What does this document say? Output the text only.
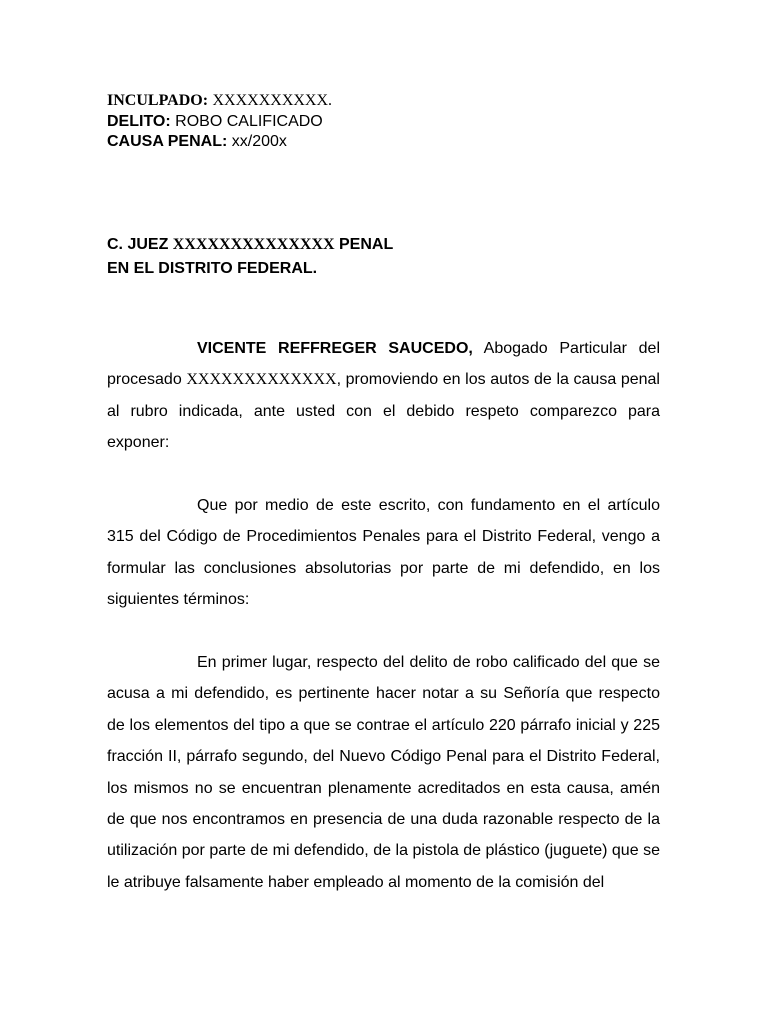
INCULPADO: XXXXXXXXXX.
DELITO: ROBO CALIFICADO
CAUSA PENAL: xx/200x
C. JUEZ XXXXXXXXXXXXXX PENAL
EN EL DISTRITO FEDERAL.

VICENTE REFFREGER SAUCEDO, Abogado Particular del procesado XXXXXXXXXXXXX, promoviendo en los autos de la causa penal al rubro indicada, ante usted con el debido respeto comparezco para exponer:

Que por medio de este escrito, con fundamento en el artículo 315 del Código de Procedimientos Penales para el Distrito Federal, vengo a formular las conclusiones absolutorias por parte de mi defendido, en los siguientes términos:

En primer lugar, respecto del delito de robo calificado del que se acusa a mi defendido, es pertinente hacer notar a su Señoría que respecto de los elementos del tipo a que se contrae el artículo 220 párrafo inicial y 225 fracción II, párrafo segundo, del Nuevo Código Penal para el Distrito Federal, los mismos no se encuentran plenamente acreditados en esta causa, amén de que nos encontramos en presencia de una duda razonable respecto de la utilización por parte de mi defendido, de la pistola de plástico (juguete) que se le atribuye falsamente haber empleado al momento de la comisión del
